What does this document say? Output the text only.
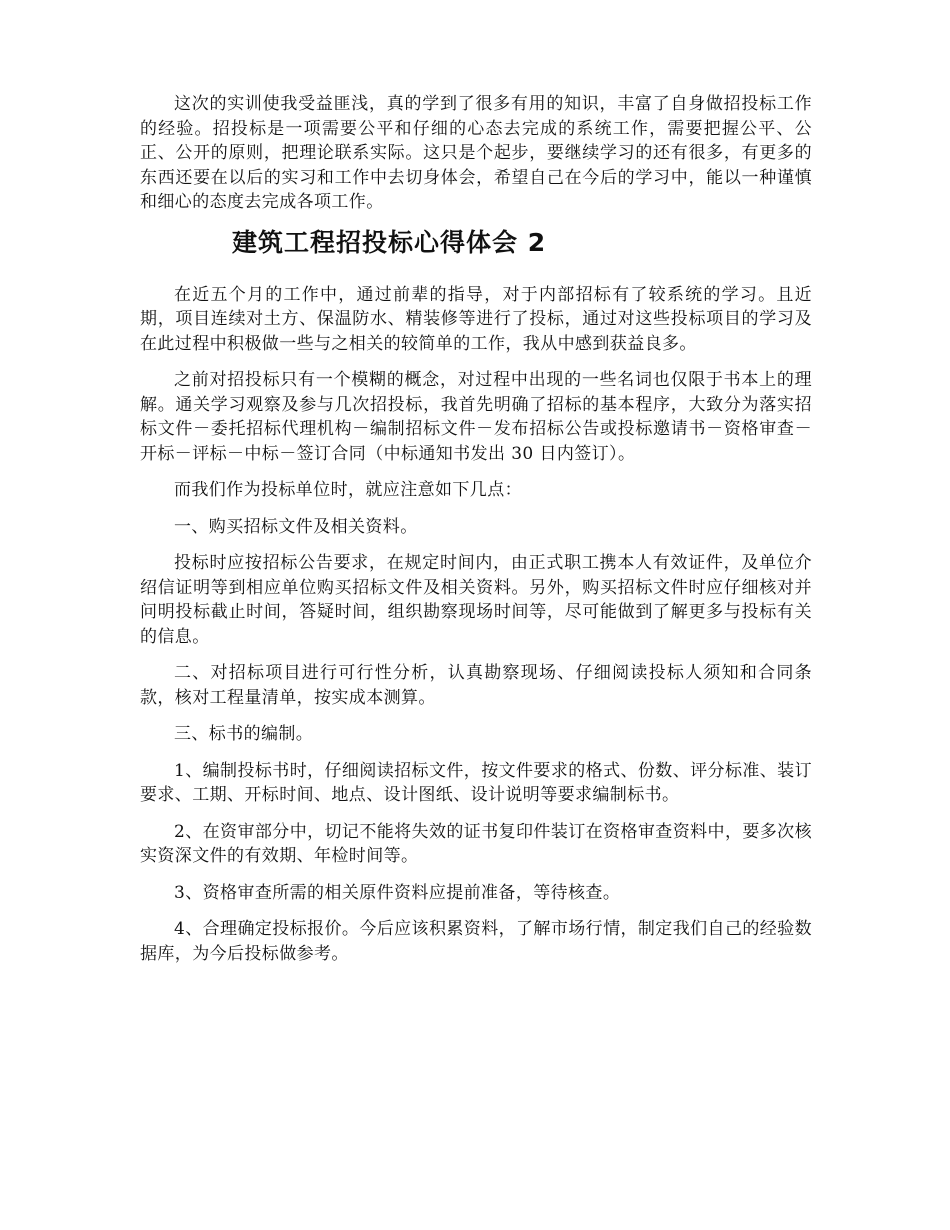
这次的实训使我受益匪浅，真的学到了很多有用的知识，丰富了自身做招投标工作的经验。招投标是一项需要公平和仔细的心态去完成的系统工作，需要把握公平、公正、公开的原则，把理论联系实际。这只是个起步，要继续学习的还有很多，有更多的东西还要在以后的实习和工作中去切身体会，希望自己在今后的学习中，能以一种谨慎和细心的态度去完成各项工作。

建筑工程招投标心得体会 2

在近五个月的工作中，通过前辈的指导，对于内部招标有了较系统的学习。且近期，项目连续对土方、保温防水、精装修等进行了投标，通过对这些投标项目的学习及在此过程中积极做一些与之相关的较简单的工作，我从中感到获益良多。

之前对招投标只有一个模糊的概念，对过程中出现的一些名词也仅限于书本上的理解。通关学习观察及参与几次招投标，我首先明确了招标的基本程序，大致分为落实招标文件－委托招标代理机构－编制招标文件－发布招标公告或投标邀请书－资格审查－开标－评标－中标－签订合同（中标通知书发出 30 日内签订）。

而我们作为投标单位时，就应注意如下几点：

一、购买招标文件及相关资料。

投标时应按招标公告要求，在规定时间内，由正式职工携本人有效证件，及单位介绍信证明等到相应单位购买招标文件及相关资料。另外，购买招标文件时应仔细核对并问明投标截止时间，答疑时间，组织勘察现场时间等，尽可能做到了解更多与投标有关的信息。

二、对招标项目进行可行性分析，认真勘察现场、仔细阅读投标人须知和合同条款，核对工程量清单，按实成本测算。

三、标书的编制。

1、编制投标书时，仔细阅读招标文件，按文件要求的格式、份数、评分标准、装订要求、工期、开标时间、地点、设计图纸、设计说明等要求编制标书。

2、在资审部分中，切记不能将失效的证书复印件装订在资格审查资料中，要多次核实资深文件的有效期、年检时间等。

3、资格审查所需的相关原件资料应提前准备，等待核查。

4、合理确定投标报价。今后应该积累资料，了解市场行情，制定我们自己的经验数据库，为今后投标做参考。
